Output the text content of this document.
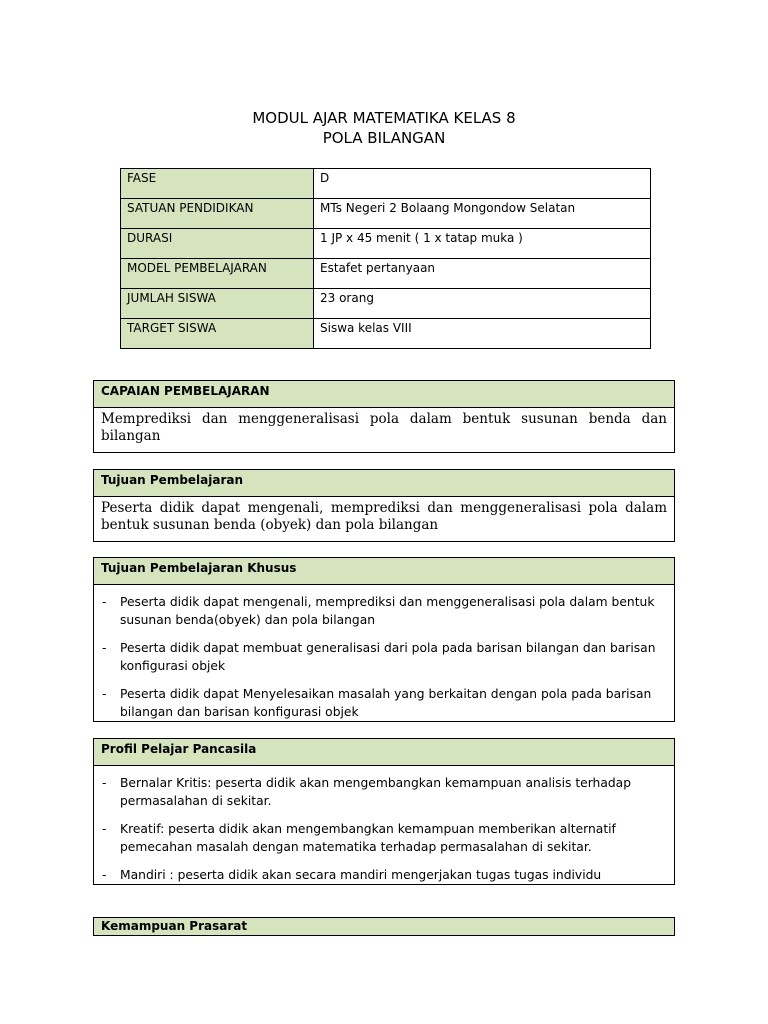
MODUL AJAR MATEMATIKA KELAS 8
POLA BILANGAN
FASE	D
SATUAN PENDIDIKAN	MTs Negeri 2 Bolaang Mongondow Selatan
DURASI	1 JP x 45 menit ( 1 x tatap muka )
MODEL PEMBELAJARAN	Estafet pertanyaan
JUMLAH SISWA	23 orang
TARGET SISWA	Siswa kelas VIII
CAPAIAN PEMBELAJARAN
Memprediksi dan menggeneralisasi pola dalam bentuk susunan benda dan bilangan
Tujuan Pembelajaran
Peserta didik dapat mengenali, memprediksi dan menggeneralisasi pola dalam bentuk susunan benda (obyek) dan pola bilangan
Tujuan Pembelajaran Khusus
- Peserta didik dapat mengenali, memprediksi dan menggeneralisasi pola dalam bentuk susunan benda(obyek) dan pola bilangan
- Peserta didik dapat membuat generalisasi dari pola pada barisan bilangan dan barisan konfigurasi objek
- Peserta didik dapat Menyelesaikan masalah yang berkaitan dengan pola pada barisan bilangan dan barisan konfigurasi objek
Profil Pelajar Pancasila
- Bernalar Kritis: peserta didik akan mengembangkan kemampuan analisis terhadap permasalahan di sekitar.
- Kreatif: peserta didik akan mengembangkan kemampuan memberikan alternatif pemecahan masalah dengan matematika terhadap permasalahan di sekitar.
- Mandiri : peserta didik akan secara mandiri mengerjakan tugas tugas individu
Kemampuan Prasarat
